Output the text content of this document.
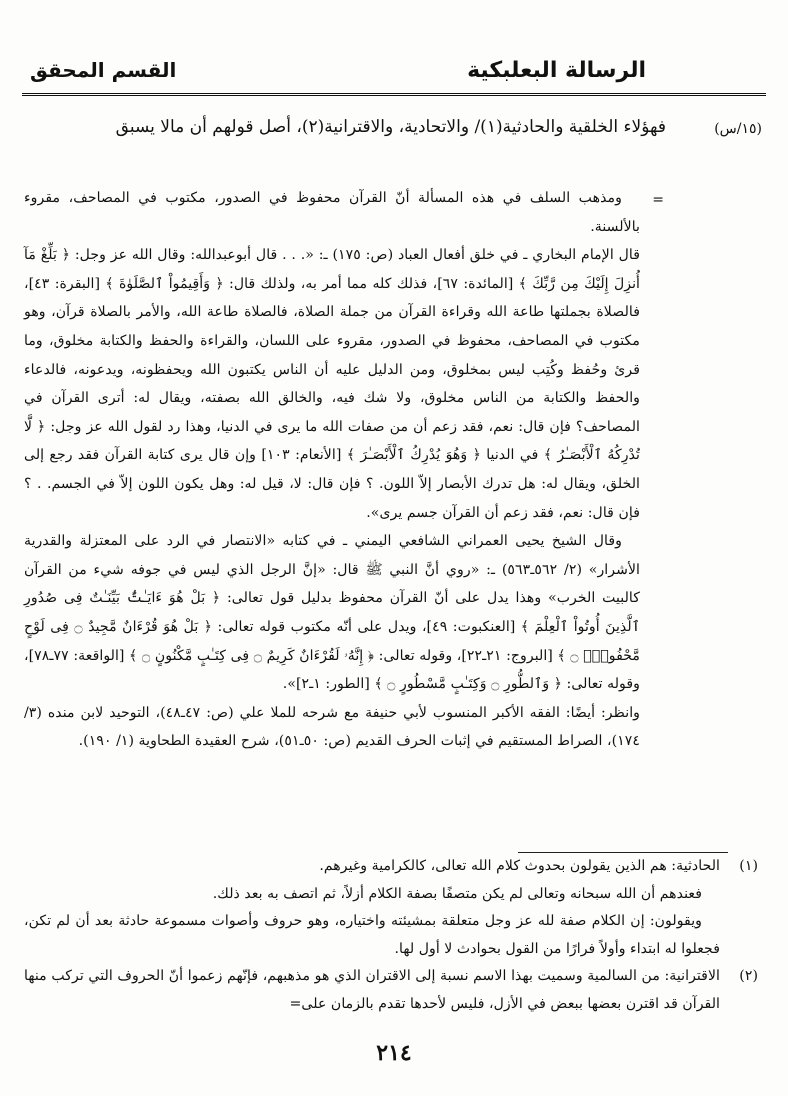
الرسالة البعلبكية
القسم المحقق
(١٥/س)
فهؤلاء الخلقية والحادثية(١)/ والاتحادية، والاقترانية(٢)، أصل قولهم أن مالا يسبق
=

ومذهب السلف في هذه المسألة أنّ القرآن محفوظ في الصدور، مكتوب في المصاحف، مقروء بالألسنة.

قال الإمام البخاري ـ في خلق أفعال العباد (ص: ١٧٥) ـ: «. . . قال أبوعبدالله: وقال الله عز وجل: ﴿ بَلِّغْ مَآ أُنزِلَ إِلَيْكَ مِن رَّبِّكَ ﴾ [المائدة: ٦٧]، فذلك كله مما أمر به، ولذلك قال: ﴿ وَأَقِيمُواْ ٱلصَّلَوٰةَ ﴾ [البقرة: ٤٣]، فالصلاة بجملتها طاعة الله وقراءة القرآن من جملة الصلاة، فالصلاة طاعة الله، والأمر بالصلاة قرآن، وهو مكتوب في المصاحف، محفوظ في الصدور، مقروء على اللسان، والقراءة والحفظ والكتابة مخلوق، وما قرئ وحُفظ وكُتِب ليس بمخلوق، ومن الدليل عليه أن الناس يكتبون الله ويحفظونه، ويدعونه، فالدعاء والحفظ والكتابة من الناس مخلوق، ولا شك فيه، والخالق الله بصفته، ويقال له: أترى القرآن في المصاحف؟ فإن قال: نعم، فقد زعم أن من صفات الله ما يرى في الدنيا، وهذا رد لقول الله عز وجل: ﴿ لَّا تُدْرِكُهُ ٱلْأَبْصَـٰرُ ﴾ في الدنيا ﴿ وَهُوَ يُدْرِكُ ٱلْأَبْصَـٰرَ ﴾ [الأنعام: ١٠٣] وإن قال يرى كتابة القرآن فقد رجع إلى الخلق، ويقال له: هل تدرك الأبصار إلاّ اللون. ؟ فإن قال: لا، قيل له: وهل يكون اللون إلاّ في الجسم. . ؟ فإن قال: نعم، فقد زعم أن القرآن جسم يرى».

وقال الشيخ يحيى العمراني الشافعي اليمني ـ في كتابه «الانتصار في الرد على المعتزلة والقدرية الأشرار» (٢/ ٥٦٢ـ٥٦٣) ـ: «روي أنَّ النبي ﷺ قال: «إنَّ الرجل الذي ليس في جوفه شيء من القرآن كالبيت الخرب» وهذا يدل على أنّ القرآن محفوظ بدليل قول تعالى: ﴿ بَلْ هُوَ ءَايَـٰتٌۢ بَيِّنَـٰتٌ فِى صُدُورِ ٱلَّذِينَ أُوتُواْ ٱلْعِلْمَ ﴾ [العنكبوت: ٤٩]، ويدل على أنّه مكتوب قوله تعالى: ﴿ بَلْ هُوَ قُرْءَانٌ مَّجِيدٌ ۝ فِى لَوْحٍ مَّحْفُوظٍۭ ۝ ﴾ [البروج: ٢١ـ٢٢]، وقوله تعالى: ﴿ إِنَّهُۥ لَقُرْءَانٌ كَرِيمٌ ۝ فِى كِتَـٰبٍ مَّكْنُونٍ ۝ ﴾ [الواقعة: ٧٧ـ٧٨]، وقوله تعالى: ﴿ وَٱلطُّورِ ۝ وَكِتَـٰبٍ مَّسْطُورٍ ۝ ﴾ [الطور: ١ـ٢]».

وانظر: أيضًا: الفقه الأكبر المنسوب لأبي حنيفة مع شرحه للملا علي (ص: ٤٧ـ٤٨)، التوحيد لابن منده (٣/ ١٧٤)، الصراط المستقيم في إثبات الحرف القديم (ص: ٥٠ـ٥١)، شرح العقيدة الطحاوية (١/ ١٩٠).

(١)

الحادثية: هم الذين يقولون بحدوث كلام الله تعالى، كالكرامية وغيرهم.

فعندهم أن الله سبحانه وتعالى لم يكن متصفًا بصفة الكلام أزلاً، ثم اتصف به بعد ذلك.

ويقولون: إن الكلام صفة لله عز وجل متعلقة بمشيئته واختياره، وهو حروف وأصوات مسموعة حادثة بعد أن لم تكن، فجعلوا له ابتداء وأولاً فرارًا من القول بحوادث لا أول لها.

(٢)

الاقترانية: من السالمية وسميت بهذا الاسم نسبة إلى الاقتران الذي هو مذهبهم، فإنّهم زعموا أنّ الحروف التي تركب منها القرآن قد اقترن بعضها ببعض في الأزل، فليس لأحدها تقدم بالزمان على=

٢١٤
